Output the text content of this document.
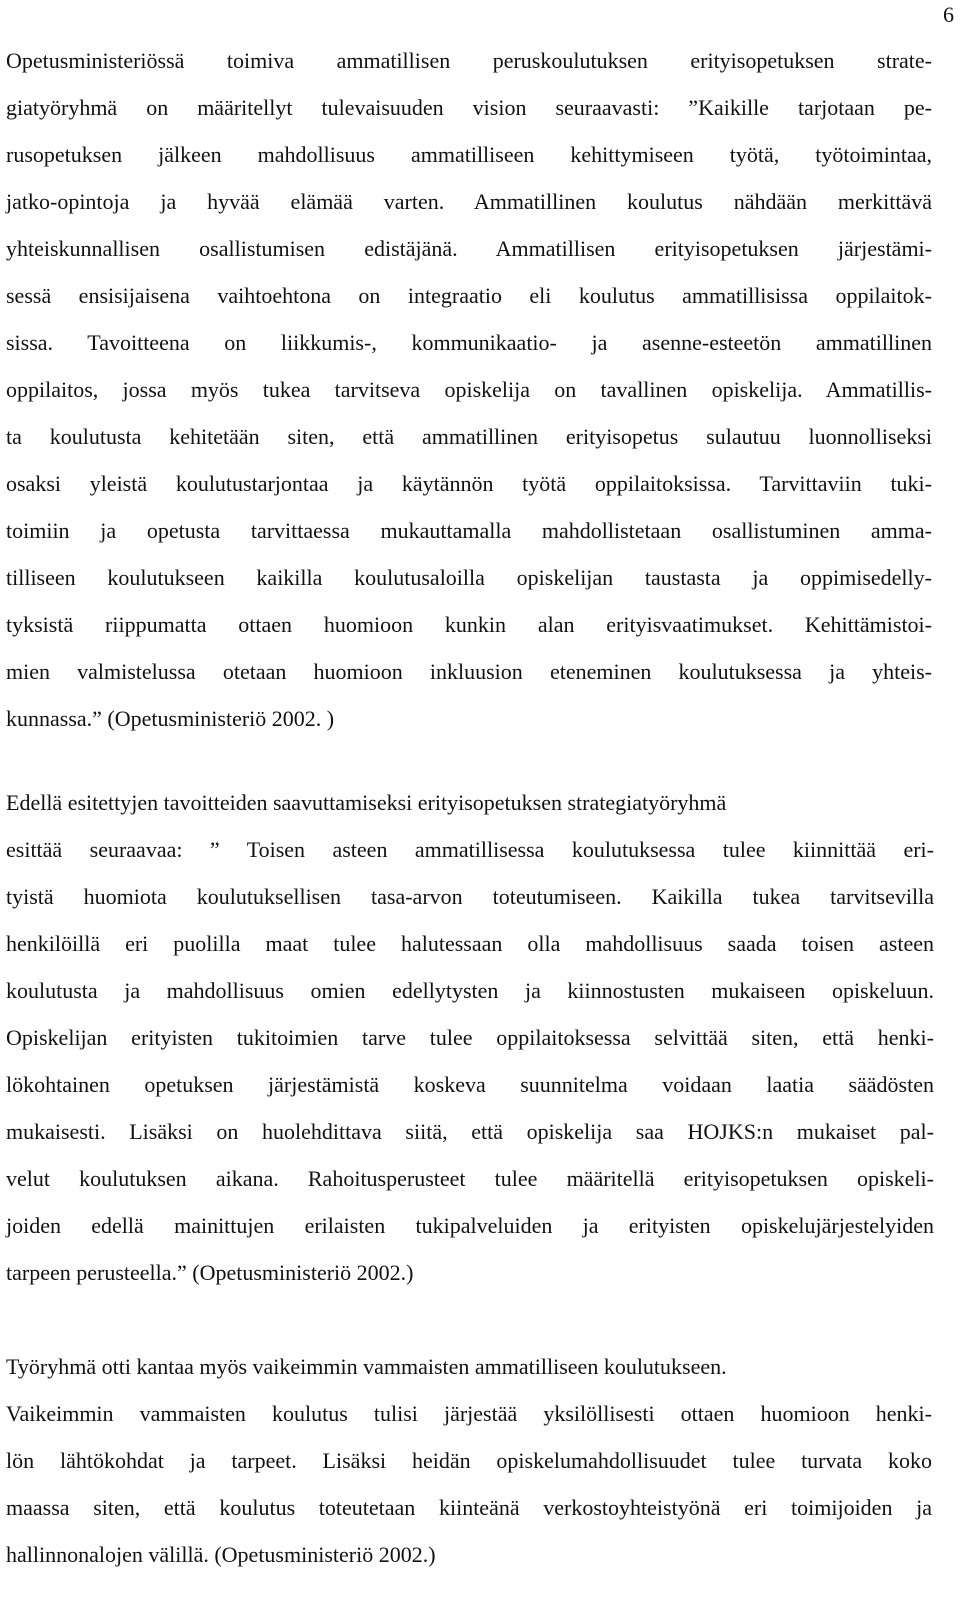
6
Opetusministeriössä toimiva ammatillisen peruskoulutuksen erityisopetuksen strate-
giatyöryhmä on määritellyt tulevaisuuden vision seuraavasti: ”Kaikille tarjotaan pe-
rusopetuksen jälkeen mahdollisuus ammatilliseen kehittymiseen työtä, työtoimintaa,
jatko-opintoja ja hyvää elämää varten. Ammatillinen koulutus nähdään merkittävä
yhteiskunnallisen osallistumisen edistäjänä. Ammatillisen erityisopetuksen järjestämi-
sessä ensisijaisena vaihtoehtona on integraatio eli koulutus ammatillisissa oppilaitok-
sissa. Tavoitteena on liikkumis-, kommunikaatio- ja asenne-esteetön ammatillinen
oppilaitos, jossa myös tukea tarvitseva opiskelija on tavallinen opiskelija. Ammatillis-
ta koulutusta kehitetään siten, että ammatillinen erityisopetus sulautuu luonnolliseksi
osaksi yleistä koulutustarjontaa ja käytännön työtä oppilaitoksissa. Tarvittaviin tuki-
toimiin ja opetusta tarvittaessa mukauttamalla mahdollistetaan osallistuminen amma-
tilliseen koulutukseen kaikilla koulutusaloilla opiskelijan taustasta ja oppimisedelly-
tyksistä riippumatta ottaen huomioon kunkin alan erityisvaatimukset. Kehittämistoi-
mien valmistelussa otetaan huomioon inkluusion eteneminen koulutuksessa ja yhteis-
kunnassa.” (Opetusministeriö 2002. )
Edellä esitettyjen tavoitteiden saavuttamiseksi erityisopetuksen strategiatyöryhmä
esittää seuraavaa: ” Toisen asteen ammatillisessa koulutuksessa tulee kiinnittää eri-
tyistä huomiota koulutuksellisen tasa-arvon toteutumiseen. Kaikilla tukea tarvitsevilla
henkilöillä eri puolilla maat tulee halutessaan olla mahdollisuus saada toisen asteen
koulutusta ja mahdollisuus omien edellytysten ja kiinnostusten mukaiseen opiskeluun.
Opiskelijan erityisten tukitoimien tarve tulee oppilaitoksessa selvittää siten, että henki-
lökohtainen opetuksen järjestämistä koskeva suunnitelma voidaan laatia säädösten
mukaisesti. Lisäksi on huolehdittava siitä, että opiskelija saa HOJKS:n mukaiset pal-
velut koulutuksen aikana. Rahoitusperusteet tulee määritellä erityisopetuksen opiskeli-
joiden edellä mainittujen erilaisten tukipalveluiden ja erityisten opiskelujärjestelyiden
tarpeen perusteella.” (Opetusministeriö 2002.)
Työryhmä otti kantaa myös vaikeimmin vammaisten ammatilliseen koulutukseen.
Vaikeimmin vammaisten koulutus tulisi järjestää yksilöllisesti ottaen huomioon henki-
lön lähtökohdat ja tarpeet. Lisäksi heidän opiskelumahdollisuudet tulee turvata koko
maassa siten, että koulutus toteutetaan kiinteänä verkostoyhteistyönä eri toimijoiden ja
hallinnonalojen välillä. (Opetusministeriö 2002.)
